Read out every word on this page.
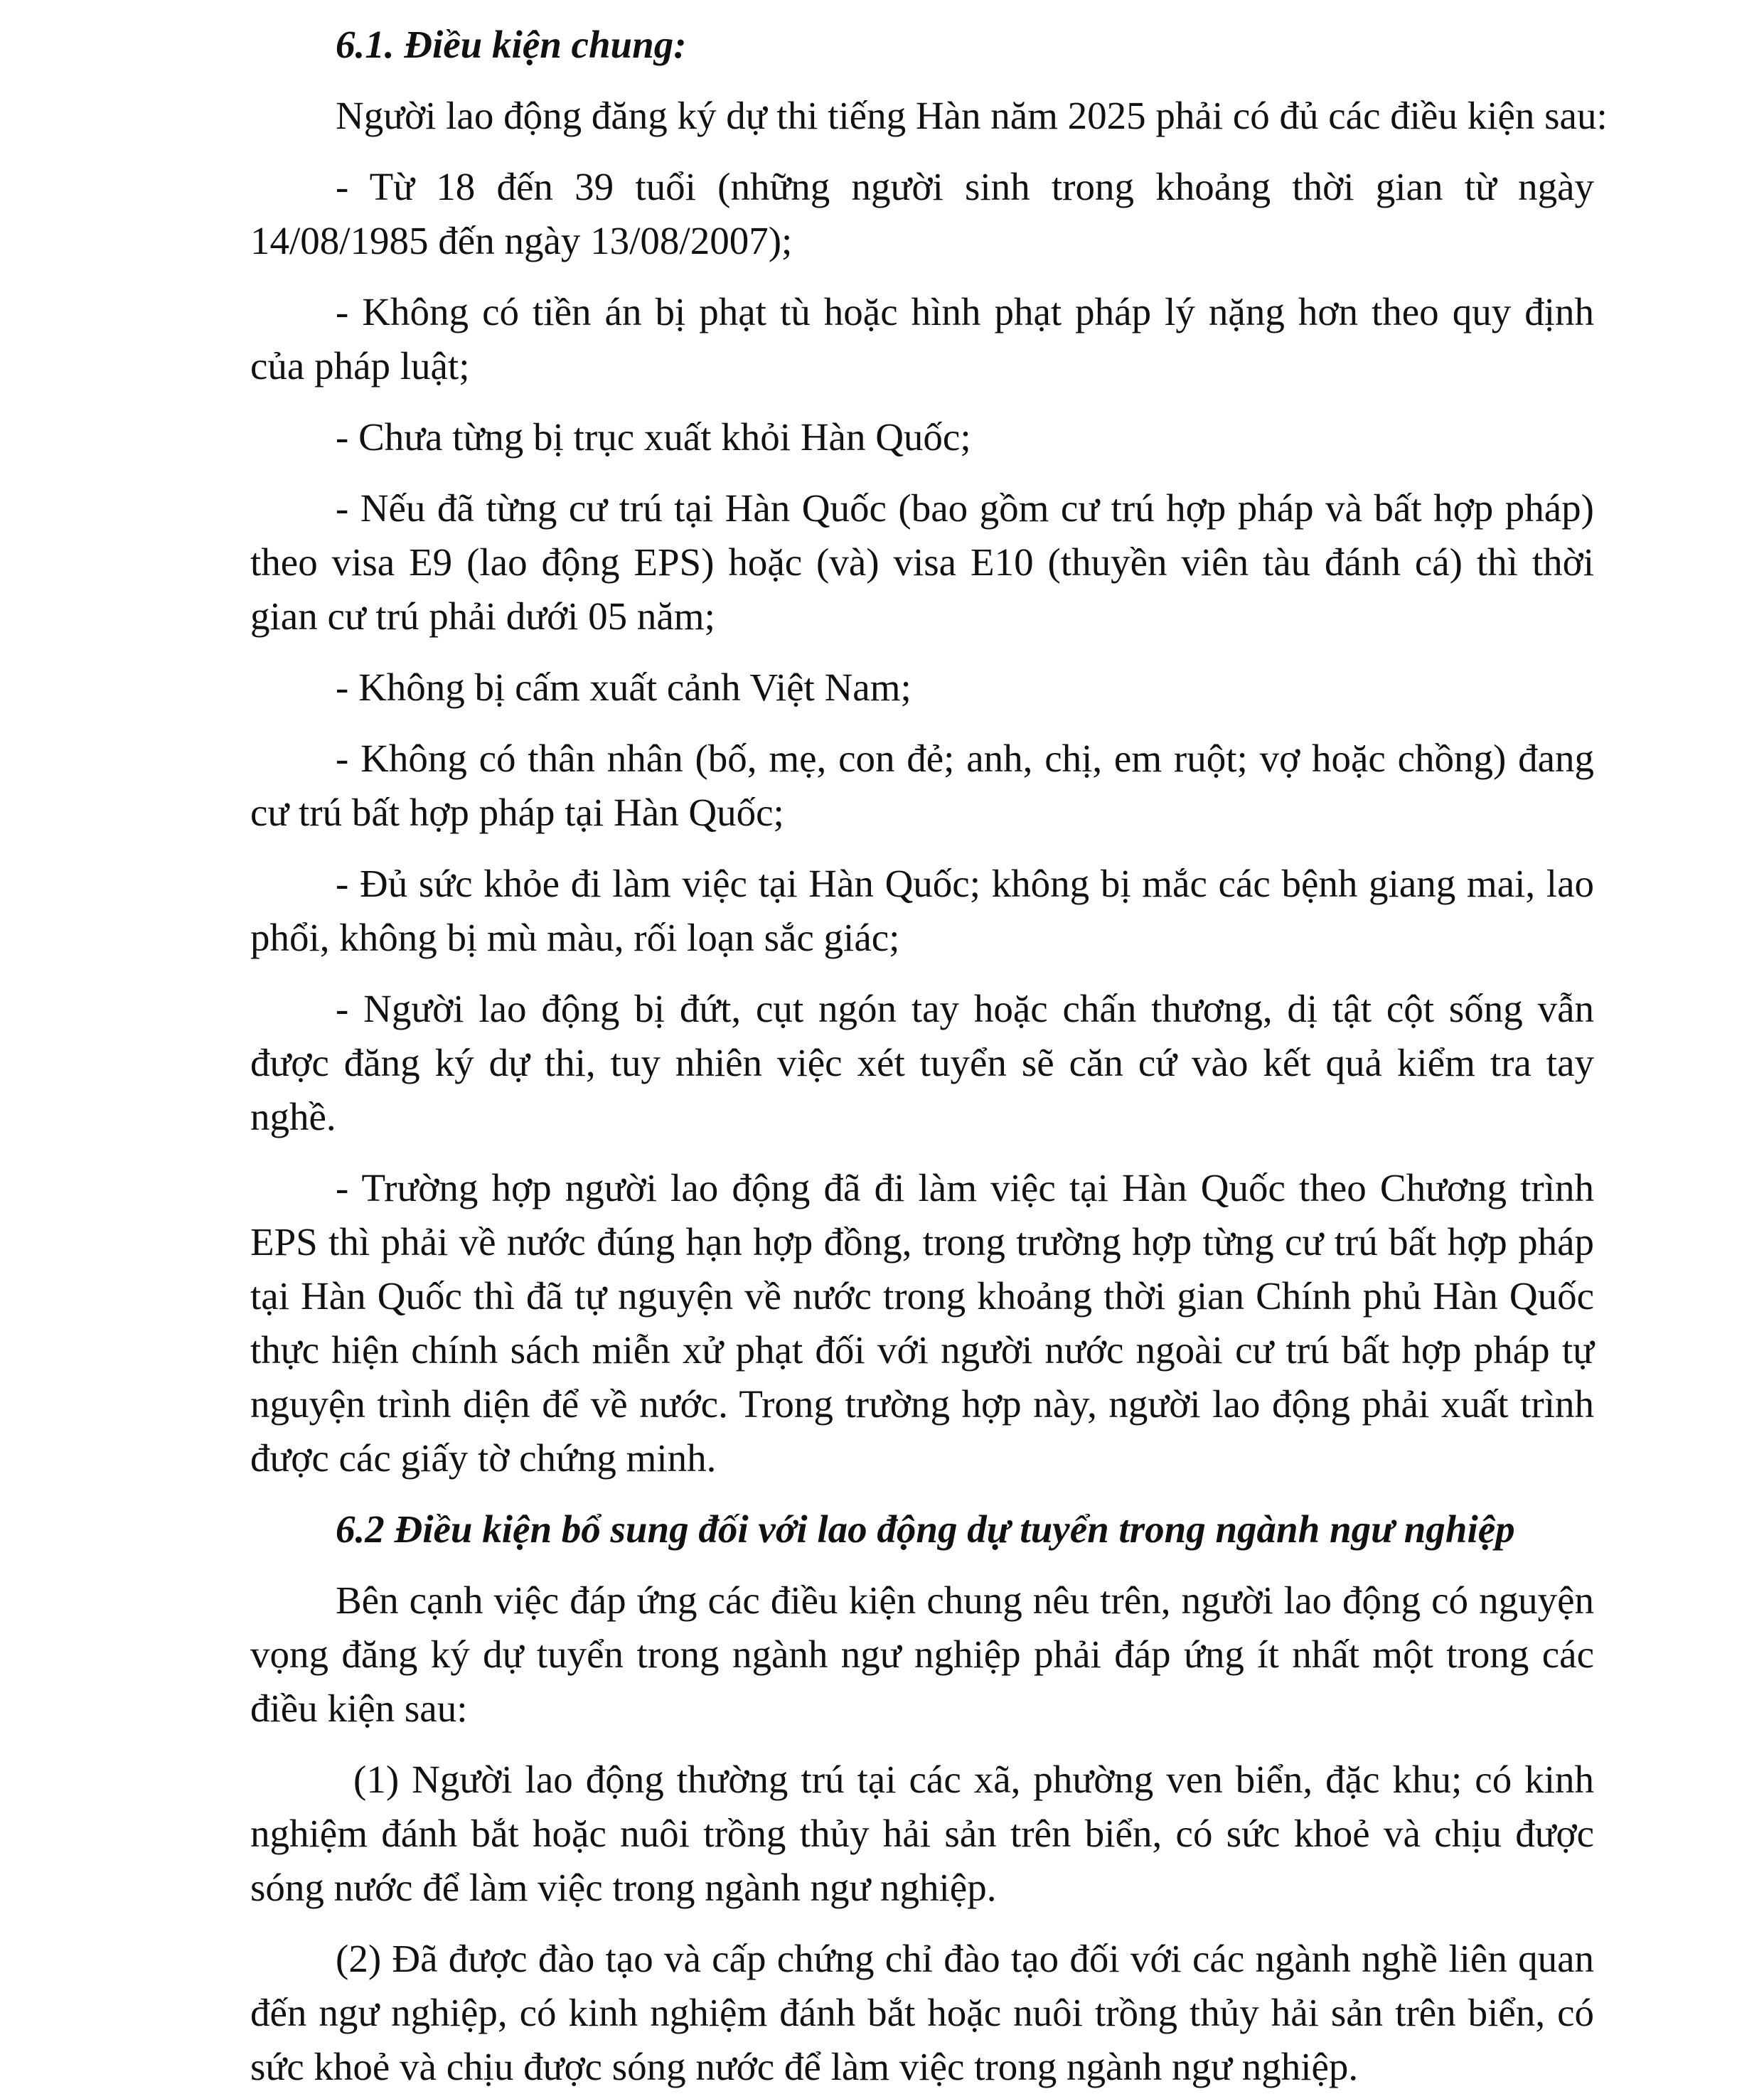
6.1. Điều kiện chung:

Người lao động đăng ký dự thi tiếng Hàn năm 2025 phải có đủ các điều kiện sau:

- Từ 18 đến 39 tuổi (những người sinh trong khoảng thời gian từ ngày 14/08/1985 đến ngày 13/08/2007);

- Không có tiền án bị phạt tù hoặc hình phạt pháp lý nặng hơn theo quy định của pháp luật;

- Chưa từng bị trục xuất khỏi Hàn Quốc;

- Nếu đã từng cư trú tại Hàn Quốc (bao gồm cư trú hợp pháp và bất hợp pháp) theo visa E9 (lao động EPS) hoặc (và) visa E10 (thuyền viên tàu đánh cá) thì thời gian cư trú phải dưới 05 năm;

- Không bị cấm xuất cảnh Việt Nam;

- Không có thân nhân (bố, mẹ, con đẻ; anh, chị, em ruột; vợ hoặc chồng) đang cư trú bất hợp pháp tại Hàn Quốc;

- Đủ sức khỏe đi làm việc tại Hàn Quốc; không bị mắc các bệnh giang mai, lao phổi, không bị mù màu, rối loạn sắc giác;

- Người lao động bị đứt, cụt ngón tay hoặc chấn thương, dị tật cột sống vẫn được đăng ký dự thi, tuy nhiên việc xét tuyển sẽ căn cứ vào kết quả kiểm tra tay nghề.

- Trường hợp người lao động đã đi làm việc tại Hàn Quốc theo Chương trình EPS thì phải về nước đúng hạn hợp đồng, trong trường hợp từng cư trú bất hợp pháp tại Hàn Quốc thì đã tự nguyện về nước trong khoảng thời gian Chính phủ Hàn Quốc thực hiện chính sách miễn xử phạt đối với người nước ngoài cư trú bất hợp pháp tự nguyện trình diện để về nước. Trong trường hợp này, người lao động phải xuất trình được các giấy tờ chứng minh.

6.2 Điều kiện bổ sung đối với lao động dự tuyển trong ngành ngư nghiệp

Bên cạnh việc đáp ứng các điều kiện chung nêu trên, người lao động có nguyện vọng đăng ký dự tuyển trong ngành ngư nghiệp phải đáp ứng ít nhất một trong các điều kiện sau:

(1) Người lao động thường trú tại các xã, phường ven biển, đặc khu; có kinh nghiệm đánh bắt hoặc nuôi trồng thủy hải sản trên biển, có sức khoẻ và chịu được sóng nước để làm việc trong ngành ngư nghiệp.

(2) Đã được đào tạo và cấp chứng chỉ đào tạo đối với các ngành nghề liên quan đến ngư nghiệp, có kinh nghiệm đánh bắt hoặc nuôi trồng thủy hải sản trên biển, có sức khoẻ và chịu được sóng nước để làm việc trong ngành ngư nghiệp.
